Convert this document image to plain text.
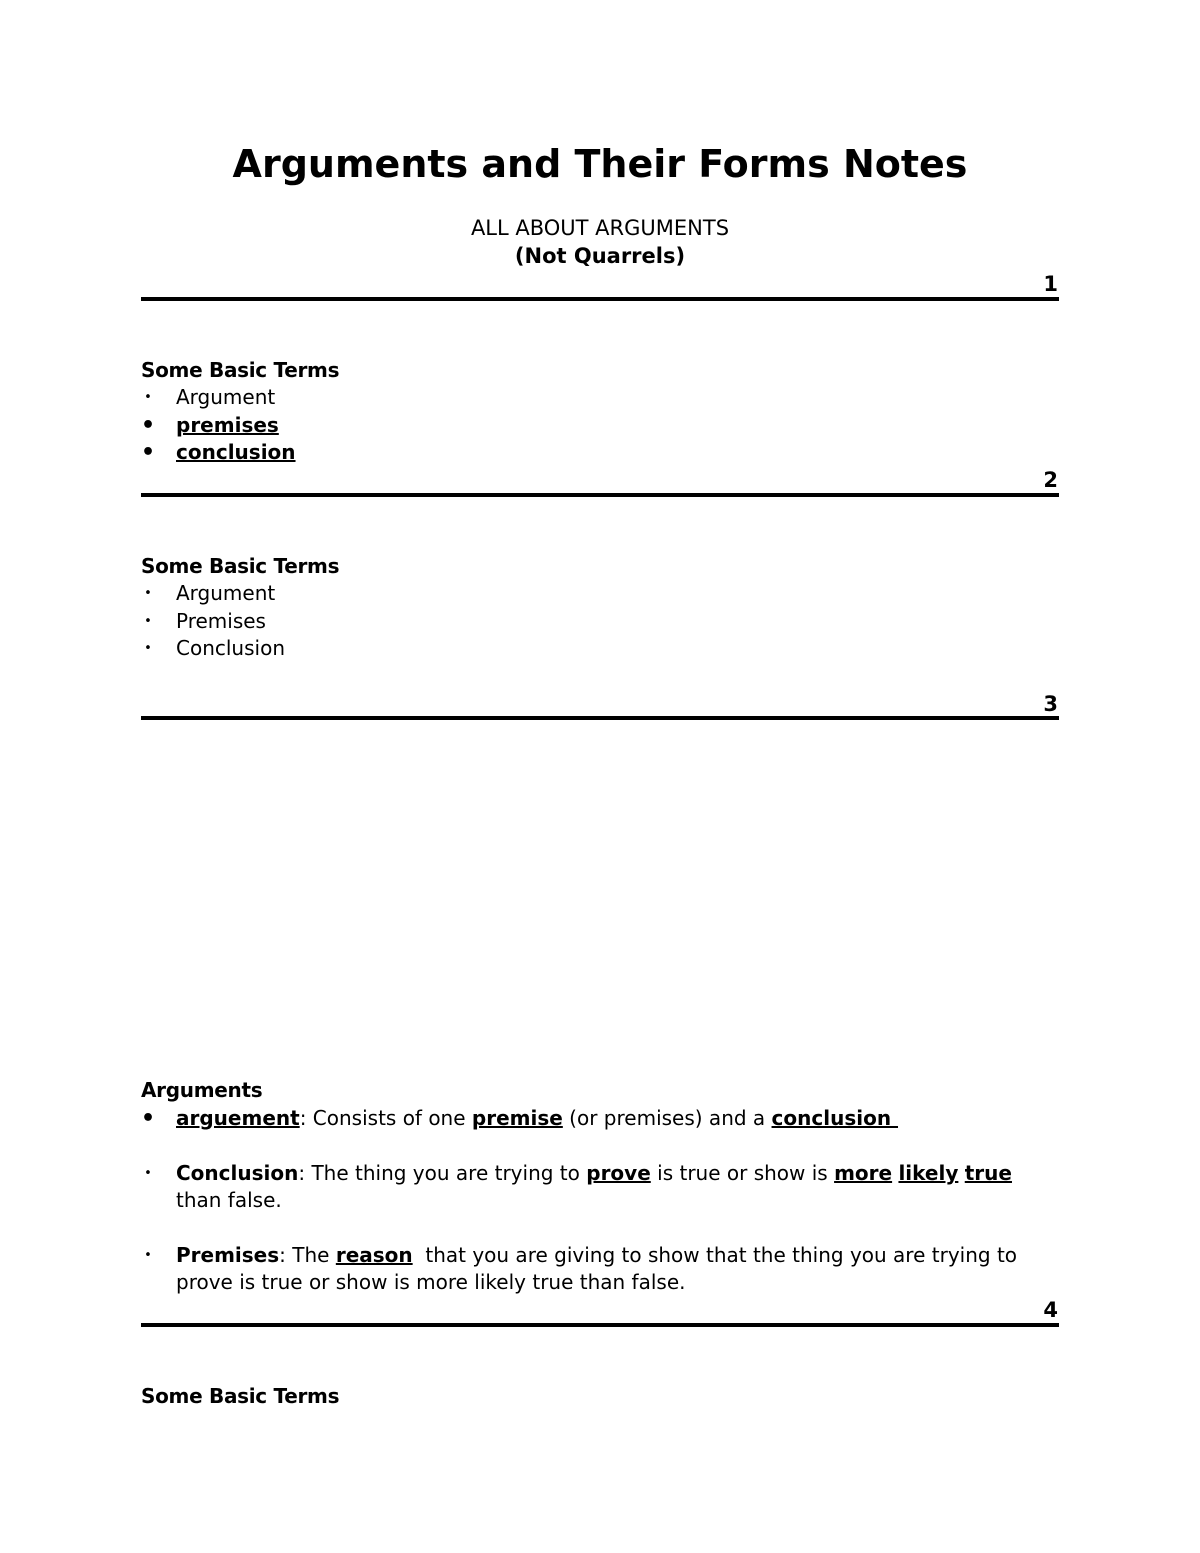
Arguments and Their Forms Notes
ALL ABOUT ARGUMENTS
(Not Quarrels)
1
Some Basic Terms
• Argument
• premises
• conclusion
2
Some Basic Terms
• Argument
• Premises
• Conclusion
3
Arguments
• arguement: Consists of one premise (or premises) and a conclusion
• Conclusion: The thing you are trying to prove is true or show is more likely true
than false.
• Premises: The reason  that you are giving to show that the thing you are trying to prove is true or show is more likely true than false.
4
Some Basic Terms
